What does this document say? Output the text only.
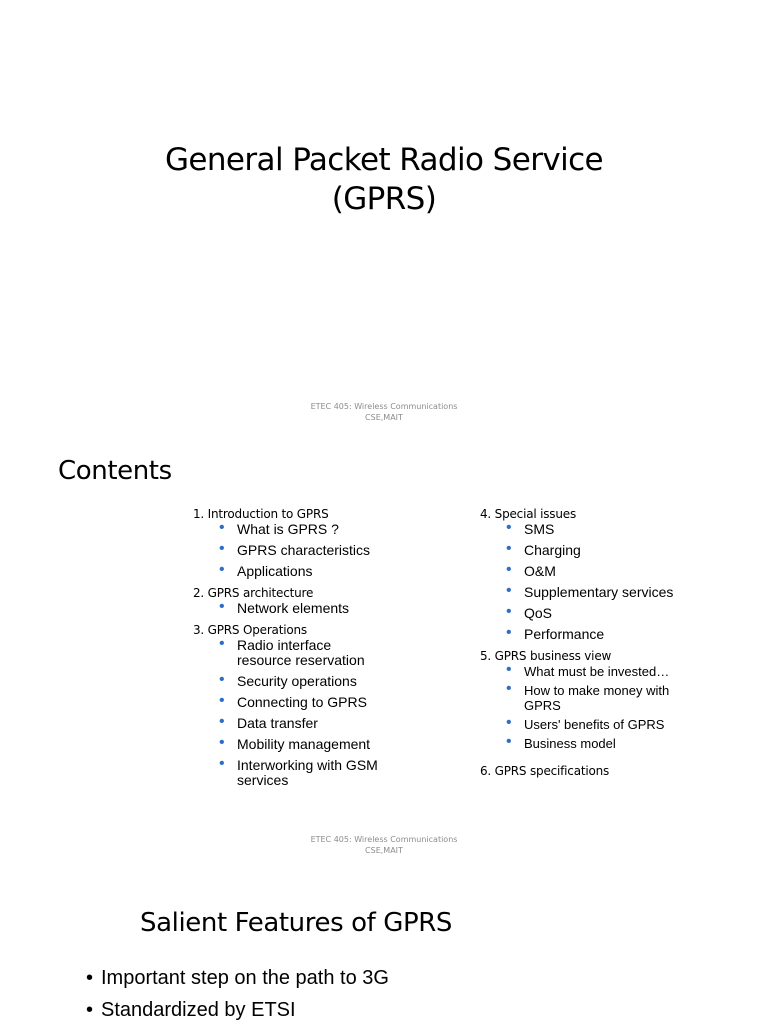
General Packet Radio Service
(GPRS)
ETEC 405: Wireless Communications
CSE,MAIT
Contents
1. Introduction to GPRS
• What is GPRS ?
• GPRS characteristics
• Applications
2. GPRS architecture
• Network elements
3. GPRS Operations
• Radio interface resource reservation
• Security operations
• Connecting to GPRS
• Data transfer
• Mobility management
• Interworking with GSM services
4. Special issues
• SMS
• Charging
• O&M
• Supplementary services
• QoS
• Performance
5. GPRS business view
• What must be invested…
• How to make money with GPRS
• Users' benefits of GPRS
• Business model
6. GPRS specifications
ETEC 405: Wireless Communications
CSE,MAIT
Salient Features of GPRS
• Important step on the path to 3G
• Standardized by ETSI
